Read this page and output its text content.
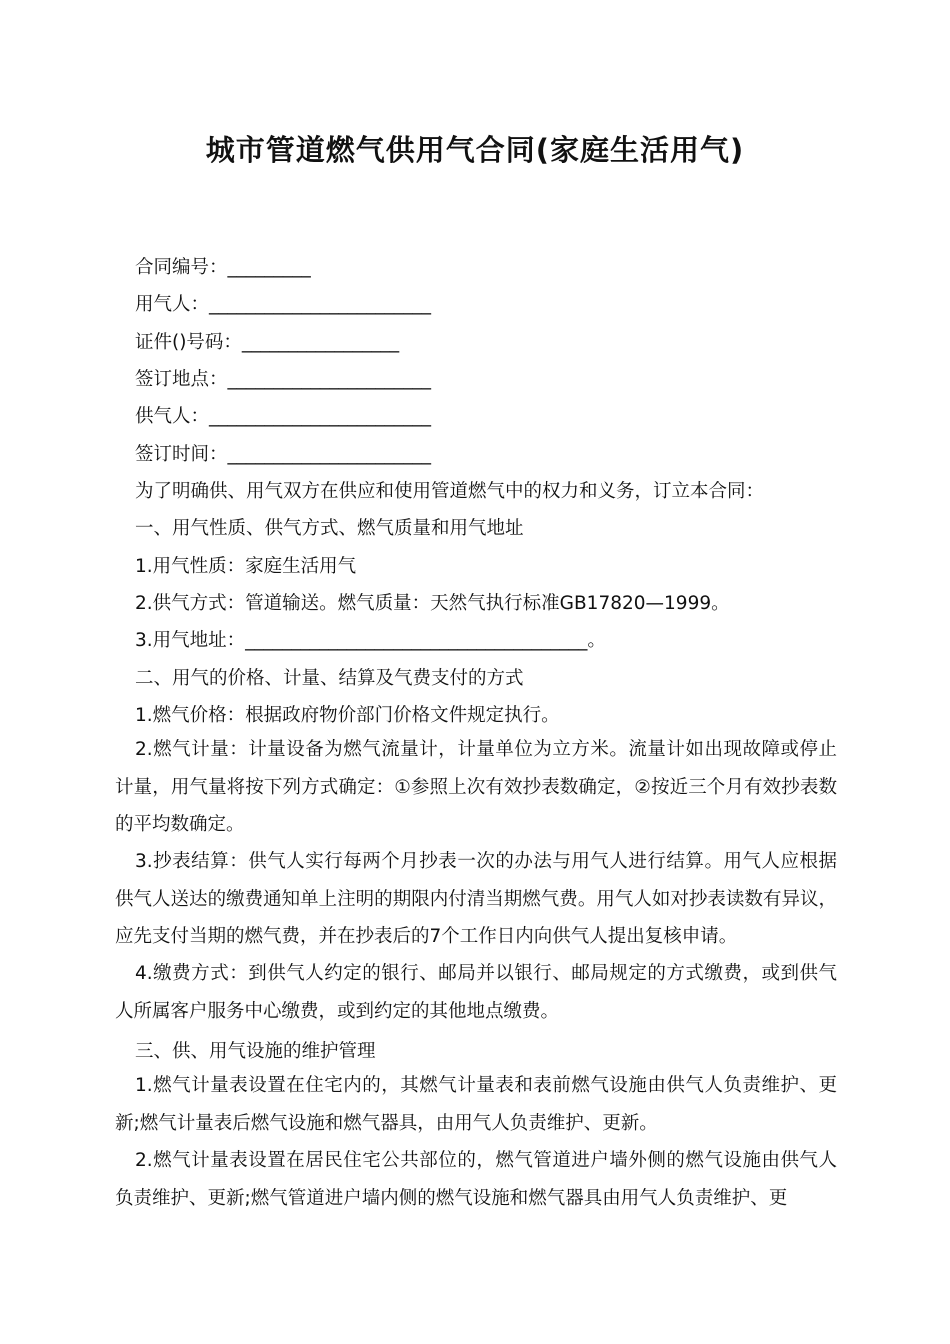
城市管道燃气供用气合同(家庭生活用气)
合同编号：_________
用气人：________________________
证件()号码：_________________
签订地点：______________________
供气人：________________________
签订时间：______________________
为了明确供、用气双方在供应和使用管道燃气中的权力和义务，订立本合同：
一、用气性质、供气方式、燃气质量和用气地址
1.用气性质：家庭生活用气
2.供气方式：管道输送。燃气质量：天然气执行标准GB17820—1999。
3.用气地址：_____________________________________。
二、用气的价格、计量、结算及气费支付的方式
1.燃气价格：根据政府物价部门价格文件规定执行。
2.燃气计量：计量设备为燃气流量计，计量单位为立方米。流量计如出现故障或停止计量，用气量将按下列方式确定：①参照上次有效抄表数确定，②按近三个月有效抄表数的平均数确定。
3.抄表结算：供气人实行每两个月抄表一次的办法与用气人进行结算。用气人应根据供气人送达的缴费通知单上注明的期限内付清当期燃气费。用气人如对抄表读数有异议，应先支付当期的燃气费，并在抄表后的7个工作日内向供气人提出复核申请。
4.缴费方式：到供气人约定的银行、邮局并以银行、邮局规定的方式缴费，或到供气人所属客户服务中心缴费，或到约定的其他地点缴费。
三、供、用气设施的维护管理
1.燃气计量表设置在住宅内的，其燃气计量表和表前燃气设施由供气人负责维护、更新;燃气计量表后燃气设施和燃气器具，由用气人负责维护、更新。
2.燃气计量表设置在居民住宅公共部位的，燃气管道进户墙外侧的燃气设施由供气人负责维护、更新;燃气管道进户墙内侧的燃气设施和燃气器具由用气人负责维护、更
